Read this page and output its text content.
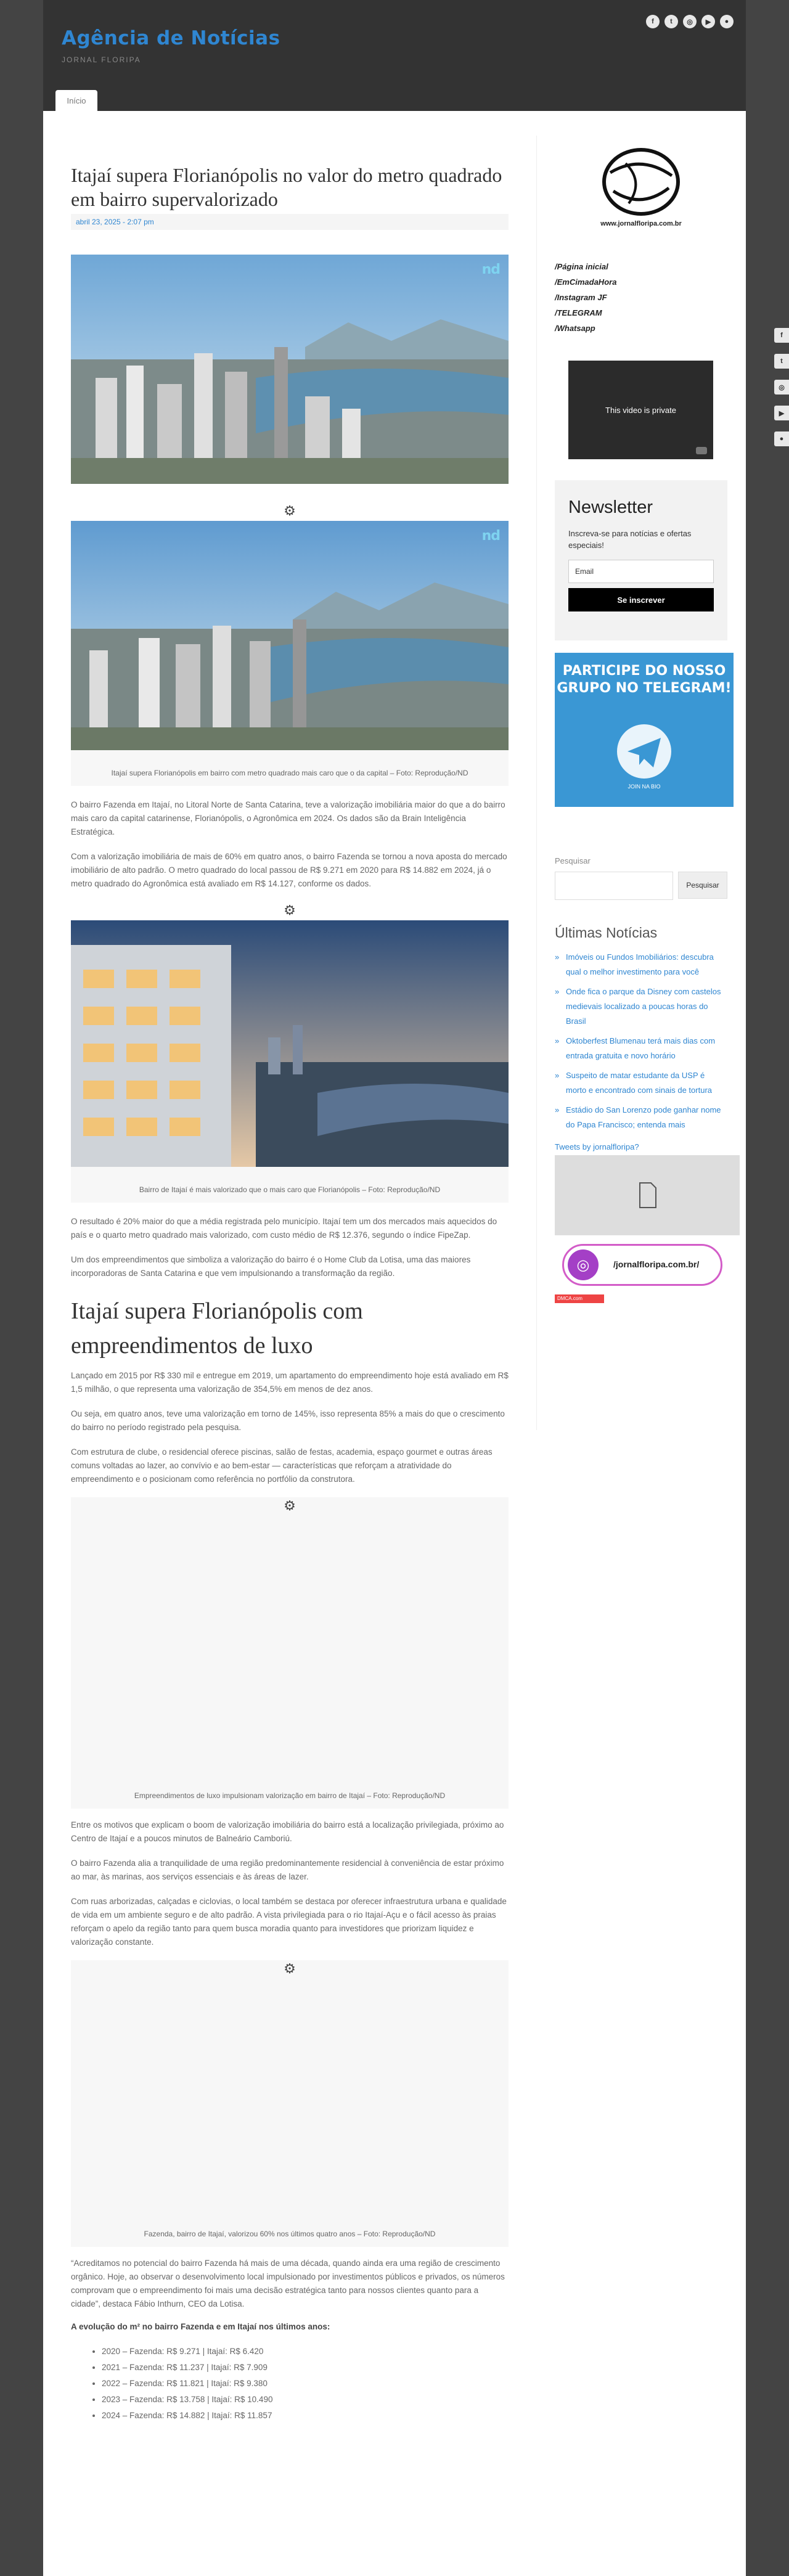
Agência de Notícias
JORNAL FLORIPA
f	t	◎	▶	●
Início
Itajaí supera Florianópolis no valor do metro quadrado em bairro supervalorizado
abril 23, 2025 - 2:07 pm
nd
⚙
nd
Itajaí supera Florianópolis em bairro com metro quadrado mais caro que o da capital – Foto: Reprodução/ND

O bairro Fazenda em Itajaí, no Litoral Norte de Santa Catarina, teve a valorização imobiliária maior do que a do bairro mais caro da capital catarinense, Florianópolis, o Agronômica em 2024. Os dados são da Brain Inteligência Estratégica.

Com a valorização imobiliária de mais de 60% em quatro anos, o bairro Fazenda se tornou a nova aposta do mercado imobiliário de alto padrão. O metro quadrado do local passou de R$ 9.271 em 2020 para R$ 14.882 em 2024, já o metro quadrado do Agronômica está avaliado em R$ 14.127, conforme os dados.

⚙
Bairro de Itajaí é mais valorizado que o mais caro que Florianópolis – Foto: Reprodução/ND

O resultado é 20% maior do que a média registrada pelo município. Itajaí tem um dos mercados mais aquecidos do país e o quarto metro quadrado mais valorizado, com custo médio de R$ 12.376, segundo o índice FipeZap.

Um dos empreendimentos que simboliza a valorização do bairro é o Home Club da Lotisa, uma das maiores incorporadoras de Santa Catarina e que vem impulsionando a transformação da região.

Itajaí supera Florianópolis com empreendimentos de luxo

Lançado em 2015 por R$ 330 mil e entregue em 2019, um apartamento do empreendimento hoje está avaliado em R$ 1,5 milhão, o que representa uma valorização de 354,5% em menos de dez anos.

Ou seja, em quatro anos, teve uma valorização em torno de 145%, isso representa 85% a mais do que o crescimento do bairro no período registrado pela pesquisa.

Com estrutura de clube, o residencial oferece piscinas, salão de festas, academia, espaço gourmet e outras áreas comuns voltadas ao lazer, ao convívio e ao bem-estar — características que reforçam a atratividade do empreendimento e o posicionam como referência no portfólio da construtora.

⚙
Empreendimentos de luxo impulsionam valorização em bairro de Itajaí – Foto: Reprodução/ND

Entre os motivos que explicam o boom de valorização imobiliária do bairro está a localização privilegiada, próximo ao Centro de Itajaí e a poucos minutos de Balneário Camboriú.

O bairro Fazenda alia a tranquilidade de uma região predominantemente residencial à conveniência de estar próximo ao mar, às marinas, aos serviços essenciais e às áreas de lazer.

Com ruas arborizadas, calçadas e ciclovias, o local também se destaca por oferecer infraestrutura urbana e qualidade de vida em um ambiente seguro e de alto padrão. A vista privilegiada para o rio Itajaí-Açu e o fácil acesso às praias reforçam o apelo da região tanto para quem busca moradia quanto para investidores que priorizam liquidez e valorização constante.

⚙
Fazenda, bairro de Itajaí, valorizou 60% nos últimos quatro anos – Foto: Reprodução/ND

“Acreditamos no potencial do bairro Fazenda há mais de uma década, quando ainda era uma região de crescimento orgânico. Hoje, ao observar o desenvolvimento local impulsionado por investimentos públicos e privados, os números comprovam que o empreendimento foi mais uma decisão estratégica tanto para nossos clientes quanto para a cidade”, destaca Fábio Inthurn, CEO da Lotisa.

A evolução do m² no bairro Fazenda e em Itajaí nos últimos anos:
• 2020 – Fazenda: R$ 9.271 | Itajaí: R$ 6.420
• 2021 – Fazenda: R$ 11.237 | Itajaí: R$ 7.909
• 2022 – Fazenda: R$ 11.821 | Itajaí: R$ 9.380
• 2023 – Fazenda: R$ 13.758 | Itajaí: R$ 10.490
• 2024 – Fazenda: R$ 14.882 | Itajaí: R$ 11.857
www.jornalfloripa.com.br
/Página inicial
/EmCimadaHora
/Instagram JF
/TELEGRAM
/Whatsapp
This video is private
Newsletter
Inscreva-se para notícias e ofertas especiais!
Email
Se inscrever
PARTICIPE DO NOSSO GRUPO NO TELEGRAM!
JOIN NA BIO
Pesquisar
Pesquisar
Últimas Notícias
» Imóveis ou Fundos Imobiliários: descubra qual o melhor investimento para você
» Onde fica o parque da Disney com castelos medievais localizado a poucas horas do Brasil
» Oktoberfest Blumenau terá mais dias com entrada gratuita e novo horário
» Suspeito de matar estudante da USP é morto e encontrado com sinais de tortura
» Estádio do San Lorenzo pode ganhar nome do Papa Francisco; entenda mais
Tweets by jornalfloripa?
◎	/jornalfloripa.com.br/
DMCA.com
f
t
◎
▶
●
